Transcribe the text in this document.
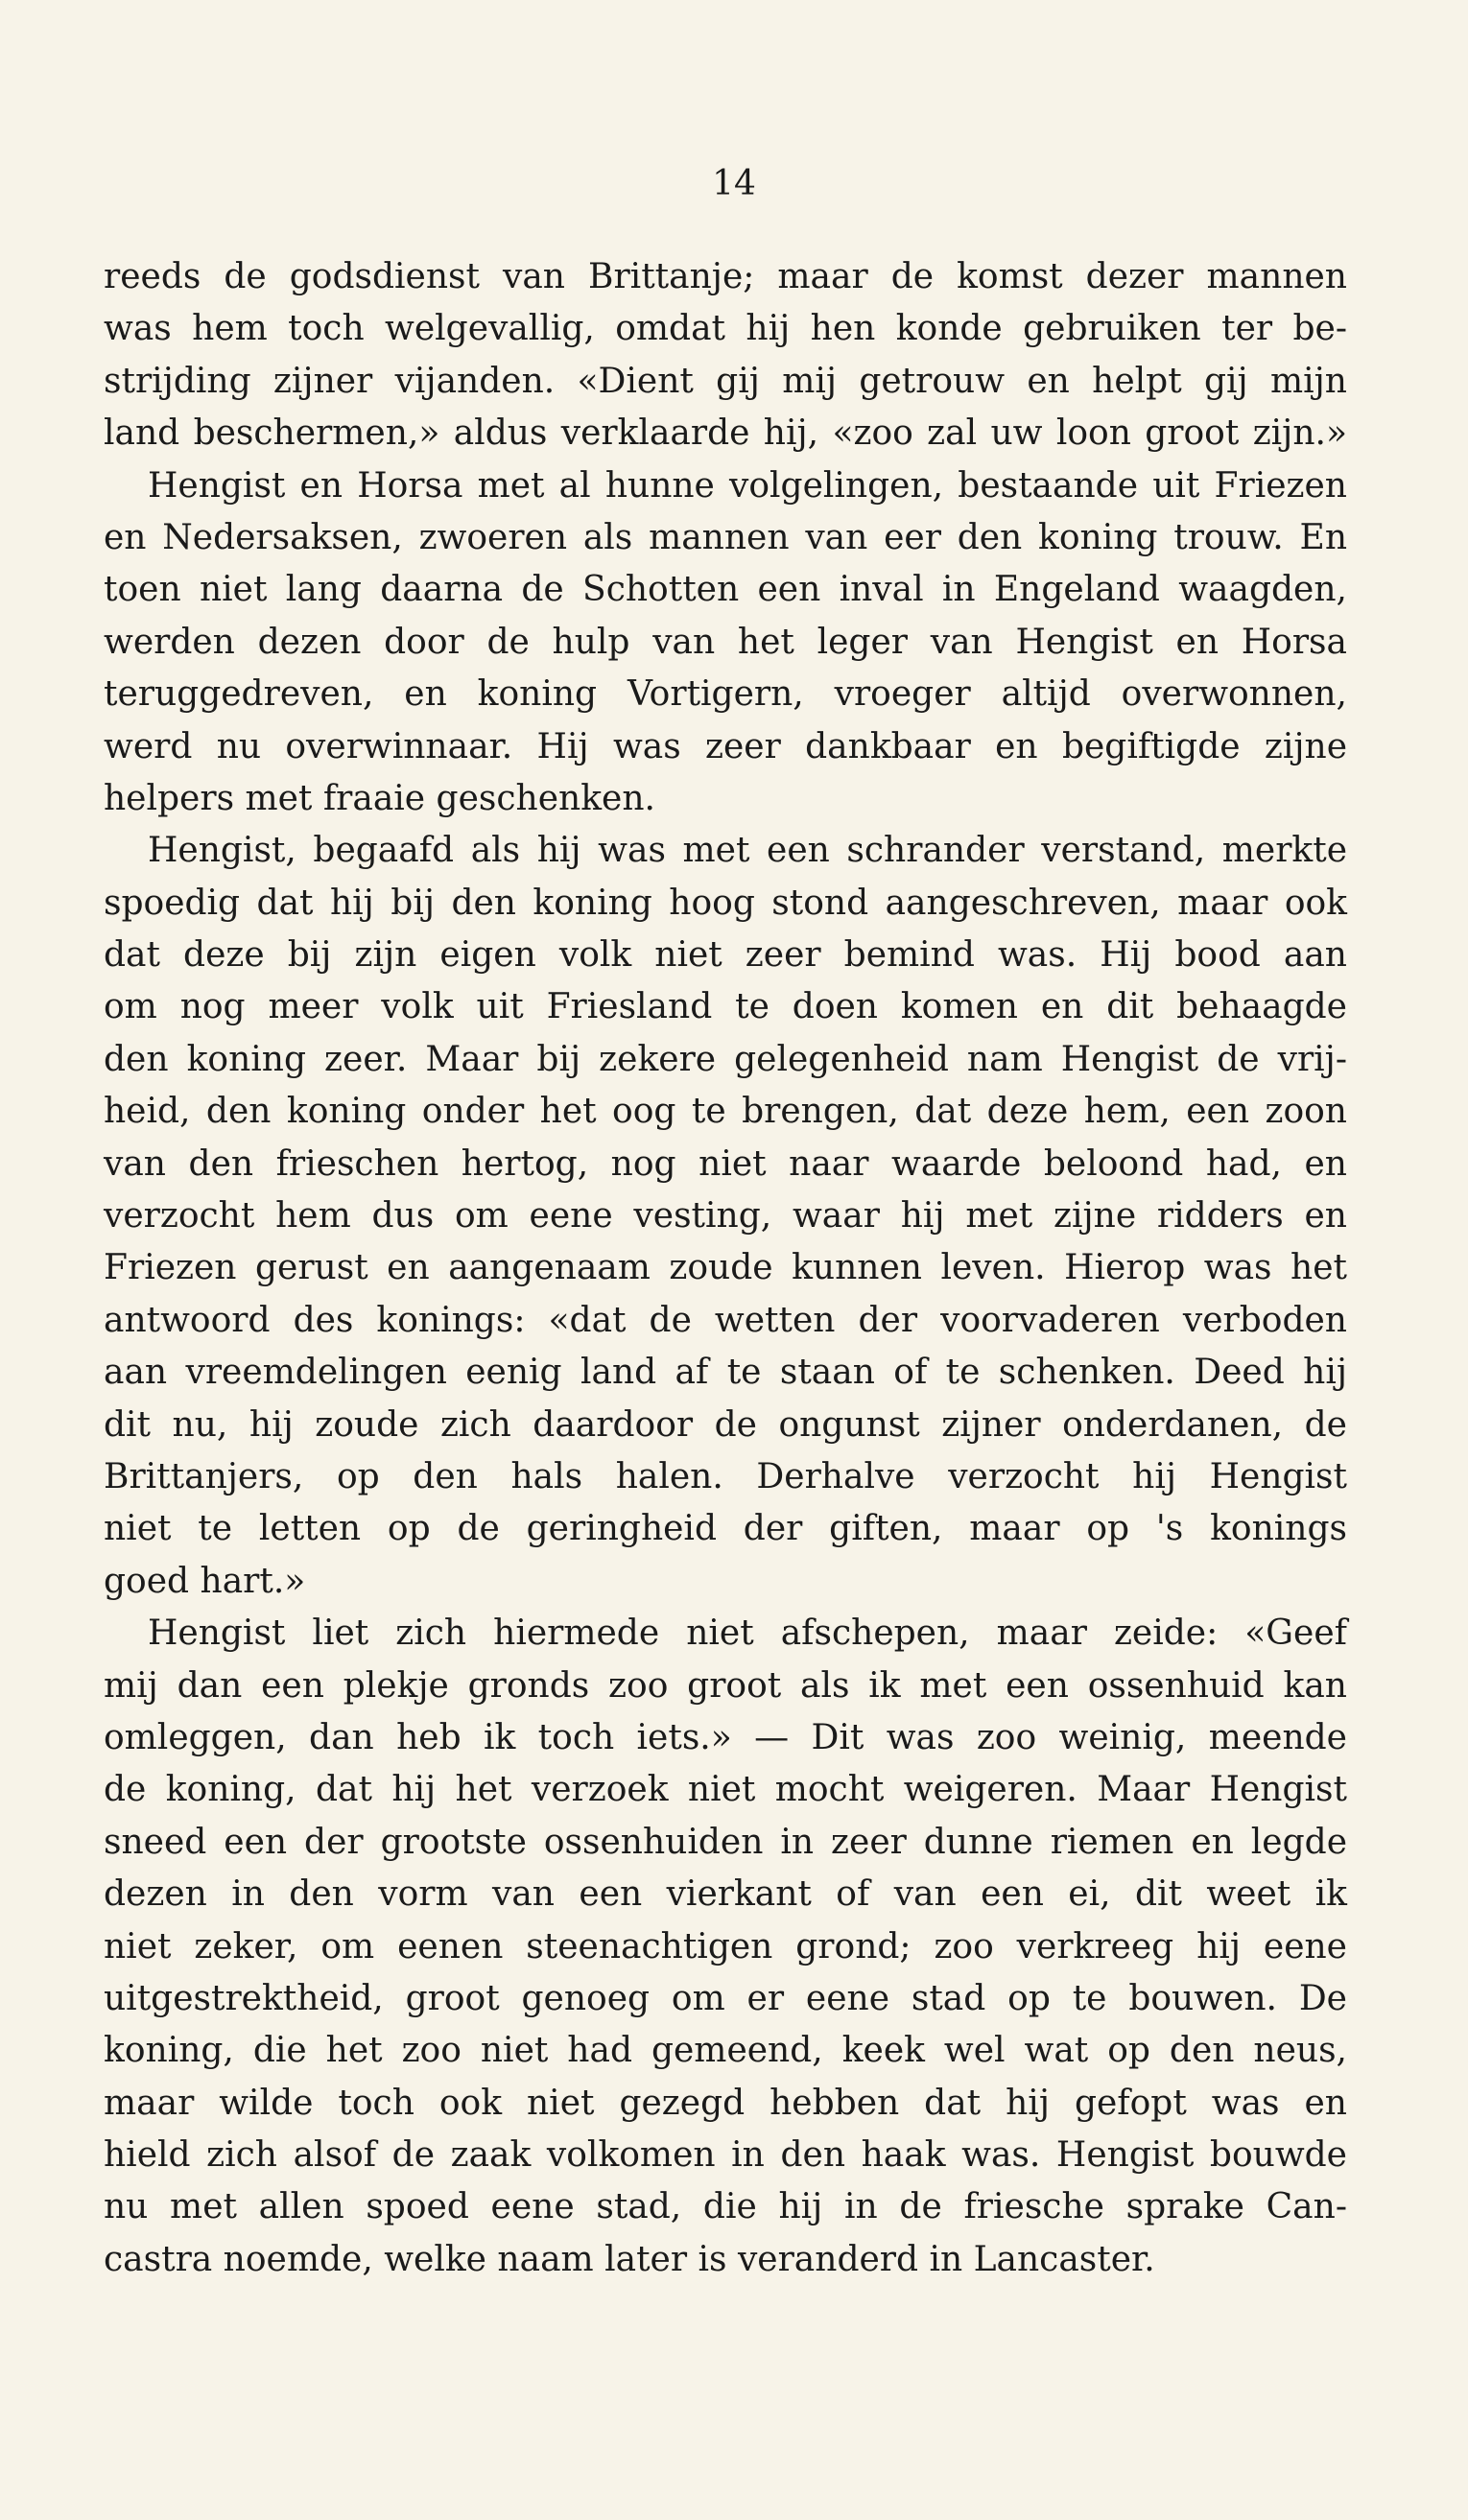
14
reeds de godsdienst van Brittanje; maar de komst dezer mannen
was hem toch welgevallig, omdat hij hen konde gebruiken ter be-
strijding zijner vijanden. «Dient gij mij getrouw en helpt gij mijn
land beschermen,» aldus verklaarde hij, «zoo zal uw loon groot zijn.»
Hengist en Horsa met al hunne volgelingen, bestaande uit Friezen
en Nedersaksen, zwoeren als mannen van eer den koning trouw. En
toen niet lang daarna de Schotten een inval in Engeland waagden,
werden dezen door de hulp van het leger van Hengist en Horsa
teruggedreven, en koning Vortigern, vroeger altijd overwonnen,
werd nu overwinnaar. Hij was zeer dankbaar en begiftigde zijne
helpers met fraaie geschenken.
Hengist, begaafd als hij was met een schrander verstand, merkte
spoedig dat hij bij den koning hoog stond aangeschreven, maar ook
dat deze bij zijn eigen volk niet zeer bemind was. Hij bood aan
om nog meer volk uit Friesland te doen komen en dit behaagde
den koning zeer. Maar bij zekere gelegenheid nam Hengist de vrij-
heid, den koning onder het oog te brengen, dat deze hem, een zoon
van den frieschen hertog, nog niet naar waarde beloond had, en
verzocht hem dus om eene vesting, waar hij met zijne ridders en
Friezen gerust en aangenaam zoude kunnen leven. Hierop was het
antwoord des konings: «dat de wetten der voorvaderen verboden
aan vreemdelingen eenig land af te staan of te schenken. Deed hij
dit nu, hij zoude zich daardoor de ongunst zijner onderdanen, de
Brittanjers, op den hals halen. Derhalve verzocht hij Hengist
niet te letten op de geringheid der giften, maar op 's konings
goed hart.»
Hengist liet zich hiermede niet afschepen, maar zeide: «Geef
mij dan een plekje gronds zoo groot als ik met een ossenhuid kan
omleggen, dan heb ik toch iets.» — Dit was zoo weinig, meende
de koning, dat hij het verzoek niet mocht weigeren. Maar Hengist
sneed een der grootste ossenhuiden in zeer dunne riemen en legde
dezen in den vorm van een vierkant of van een ei, dit weet ik
niet zeker, om eenen steenachtigen grond; zoo verkreeg hij eene
uitgestrektheid, groot genoeg om er eene stad op te bouwen. De
koning, die het zoo niet had gemeend, keek wel wat op den neus,
maar wilde toch ook niet gezegd hebben dat hij gefopt was en
hield zich alsof de zaak volkomen in den haak was. Hengist bouwde
nu met allen spoed eene stad, die hij in de friesche sprake Can-
castra noemde, welke naam later is veranderd in Lancaster.
